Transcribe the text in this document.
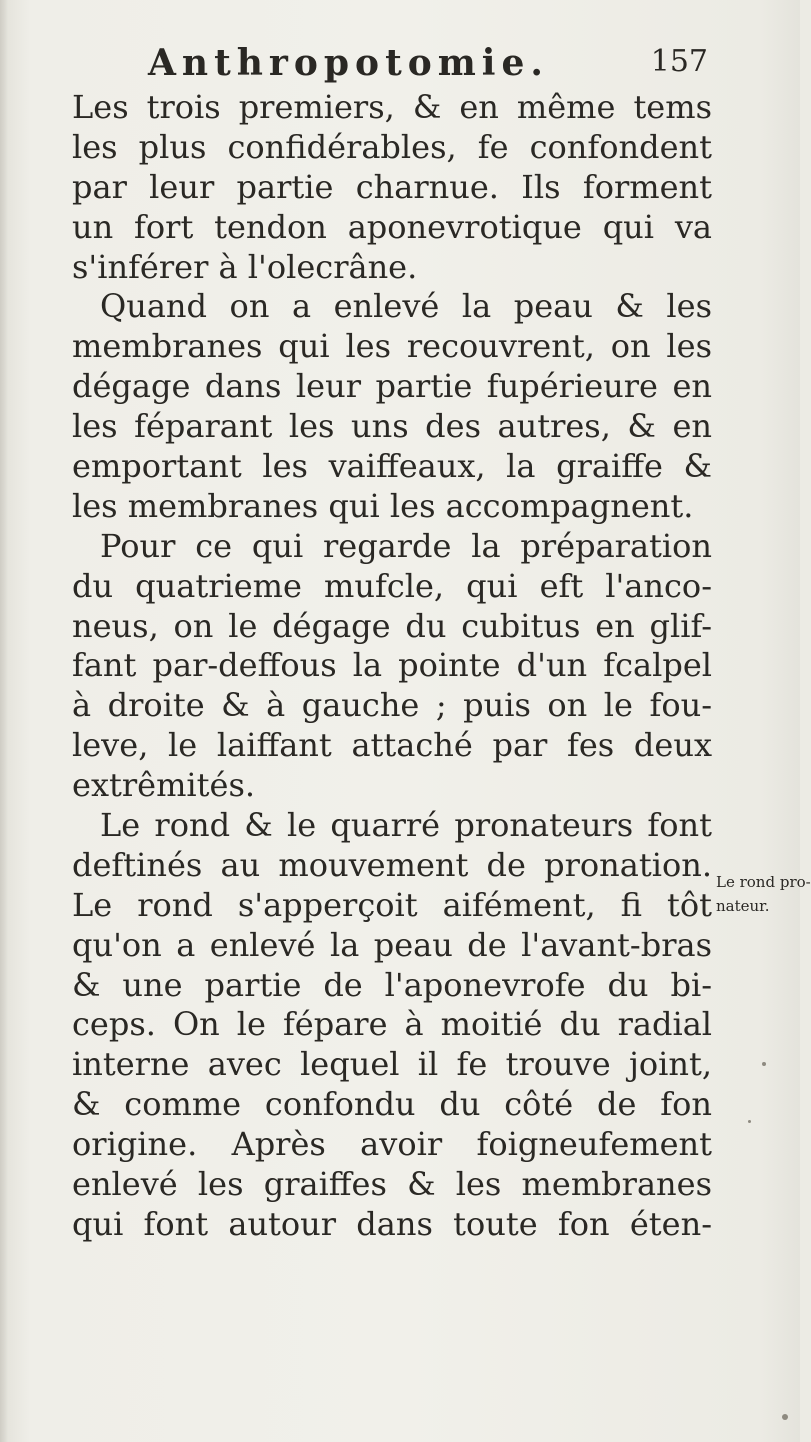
Anthropotomie.	157
Les trois premiers, & en même tems
les plus confidérables, fe confondent
par leur partie charnue. Ils forment
un fort tendon aponevrotique qui va
s'inférer à l'olecrâne.
Quand on a enlevé la peau & les
membranes qui les recouvrent, on les
dégage dans leur partie fupérieure en
les féparant les uns des autres, & en
emportant les vaiffeaux, la graiffe &
les membranes qui les accompagnent.
Pour ce qui regarde la préparation
du quatrieme mufcle, qui eft l'anco-
neus, on le dégage du cubitus en glif-
fant par-deffous la pointe d'un fcalpel
à droite & à gauche ; puis on le fou-
leve, le laiffant attaché par fes deux
extrêmités.
Le rond & le quarré pronateurs font
deftinés au mouvement de pronation.
Le rond s'apperçoit aifément, fi tôt
qu'on a enlevé la peau de l'avant-bras
& une partie de l'aponevrofe du bi-
ceps. On le fépare à moitié du radial
interne avec lequel il fe trouve joint,
& comme confondu du côté de fon
origine. Après avoir foigneufement
enlevé les graiffes & les membranes
qui font autour dans toute fon éten-
Le rond pro-
nateur.
